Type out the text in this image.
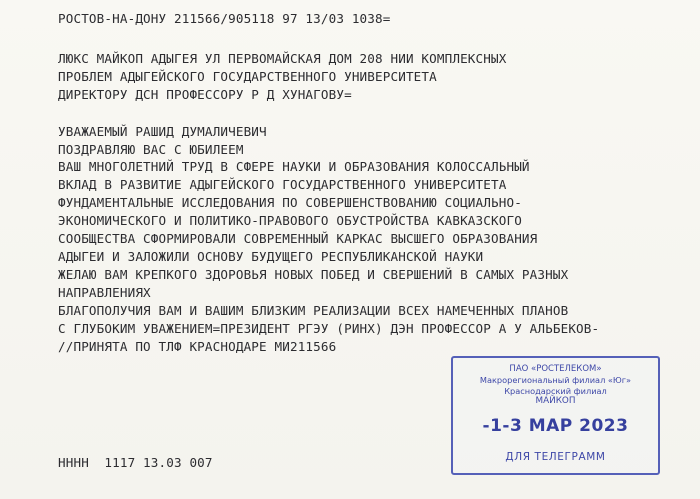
РОСТОВ-НА-ДОНУ 211566/905118 97 13/03 1038=
ЛЮКС МАЙКОП АДЫГЕЯ УЛ ПЕРВОМАЙСКАЯ ДОМ 208 НИИ КОМПЛЕКСНЫХ
ПРОБЛЕМ АДЫГЕЙСКОГО ГОСУДАРСТВЕННОГО УНИВЕРСИТЕТА
ДИРЕКТОРУ ДСН ПРОФЕССОРУ Р Д ХУНАГОВУ=
УВАЖАЕМЫЙ РАШИД ДУМАЛИЧЕВИЧ
ПОЗДРАВЛЯЮ ВАС С ЮБИЛЕЕМ
ВАШ МНОГОЛЕТНИЙ ТРУД В СФЕРЕ НАУКИ И ОБРАЗОВАНИЯ КОЛОССАЛЬНЫЙ
ВКЛАД В РАЗВИТИЕ АДЫГЕЙСКОГО ГОСУДАРСТВЕННОГО УНИВЕРСИТЕТА
ФУНДАМЕНТАЛЬНЫЕ ИССЛЕДОВАНИЯ ПО СОВЕРШЕНСТВОВАНИЮ СОЦИАЛЬНО-
ЭКОНОМИЧЕСКОГО И ПОЛИТИКО-ПРАВОВОГО ОБУСТРОЙСТВА КАВКАЗСКОГО
СООБЩЕСТВА СФОРМИРОВАЛИ СОВРЕМЕННЫЙ КАРКАС ВЫСШЕГО ОБРАЗОВАНИЯ
АДЫГЕИ И ЗАЛОЖИЛИ ОСНОВУ БУДУЩЕГО РЕСПУБЛИКАНСКОЙ НАУКИ
ЖЕЛАЮ ВАМ КРЕПКОГО ЗДОРОВЬЯ НОВЫХ ПОБЕД И СВЕРШЕНИЙ В САМЫХ РАЗНЫХ
НАПРАВЛЕНИЯХ
БЛАГОПОЛУЧИЯ ВАМ И ВАШИМ БЛИЗКИМ РЕАЛИЗАЦИИ ВСЕХ НАМЕЧЕННЫХ ПЛАНОВ
С ГЛУБОКИМ УВАЖЕНИЕМ=ПРЕЗИДЕНТ РГЭУ (РИНХ) ДЭН ПРОФЕССОР А У АЛЬБЕКОВ-
//ПРИНЯТА ПО ТЛФ КРАСНОДАРЕ МИ211566
ПАО «РОСТЕЛЕКОМ»
Макрорегиональный филиал «Юг»
Краснодарский филиал
МАЙКОП
-1-3 МАР 2023
ДЛЯ ТЕЛЕГРАММ
НННН  1117 13.03 007
